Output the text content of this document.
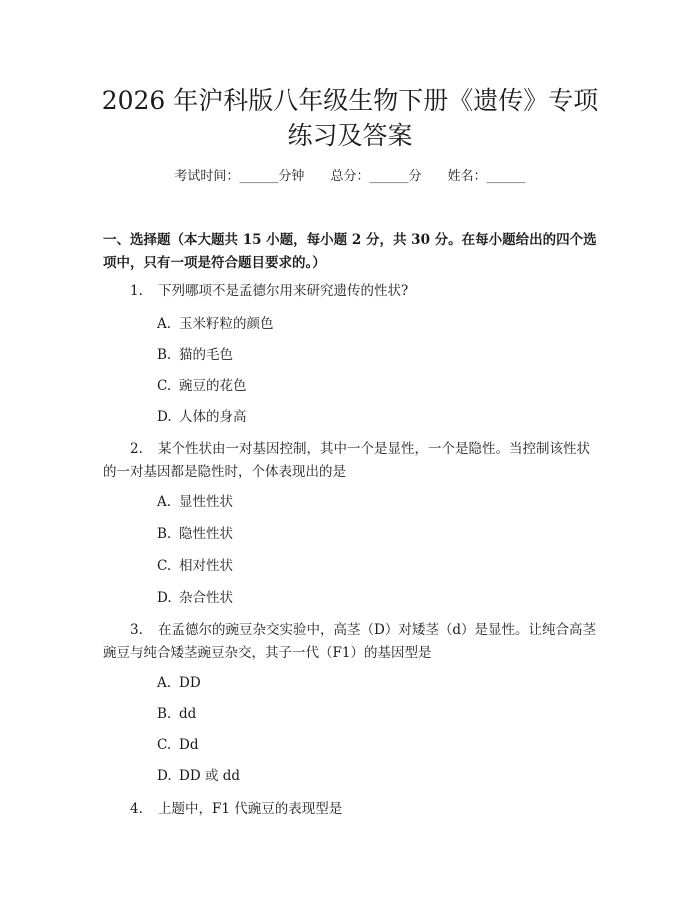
2026 年沪科版八年级生物下册《遗传》专项
练习及答案
考试时间：______分钟 总分：______分 姓名：______

一、选择题（本大题共 15 小题，每小题 2 分，共 30 分。在每小题给出的四个选项中，只有一项是符合题目要求的。）

1. 下列哪项不是孟德尔用来研究遗传的性状?

A. 玉米籽粒的颜色

B. 猫的毛色

C. 豌豆的花色

D. 人体的身高

2. 某个性状由一对基因控制，其中一个是显性，一个是隐性。当控制该性状的一对基因都是隐性时，个体表现出的是

A. 显性性状

B. 隐性性状

C. 相对性状

D. 杂合性状

3. 在孟德尔的豌豆杂交实验中，高茎（D）对矮茎（d）是显性。让纯合高茎豌豆与纯合矮茎豌豆杂交，其子一代（F1）的基因型是

A. DD

B. dd

C. Dd

D. DD 或 dd

4. 上题中，F1 代豌豆的表现型是
